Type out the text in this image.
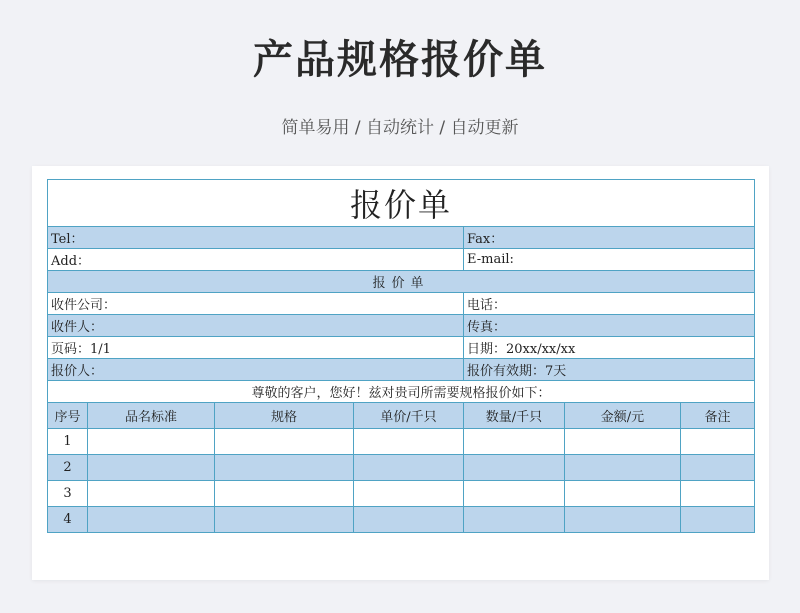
产品规格报价单
简单易用 / 自动统计 / 自动更新
报价单						
Tel：				Fax：		
Add：				E-mail:		
报价单						
收件公司：				电话：		
收件人：				传真：		
页码：1/1				日期：20xx/xx/xx		
报价人：				报价有效期：7天		
尊敬的客户，您好！兹对贵司所需要规格报价如下：						
序号	品名标准	规格	单价/千只	数量/千只	金额/元	备注
1						
2						
3						
4						
